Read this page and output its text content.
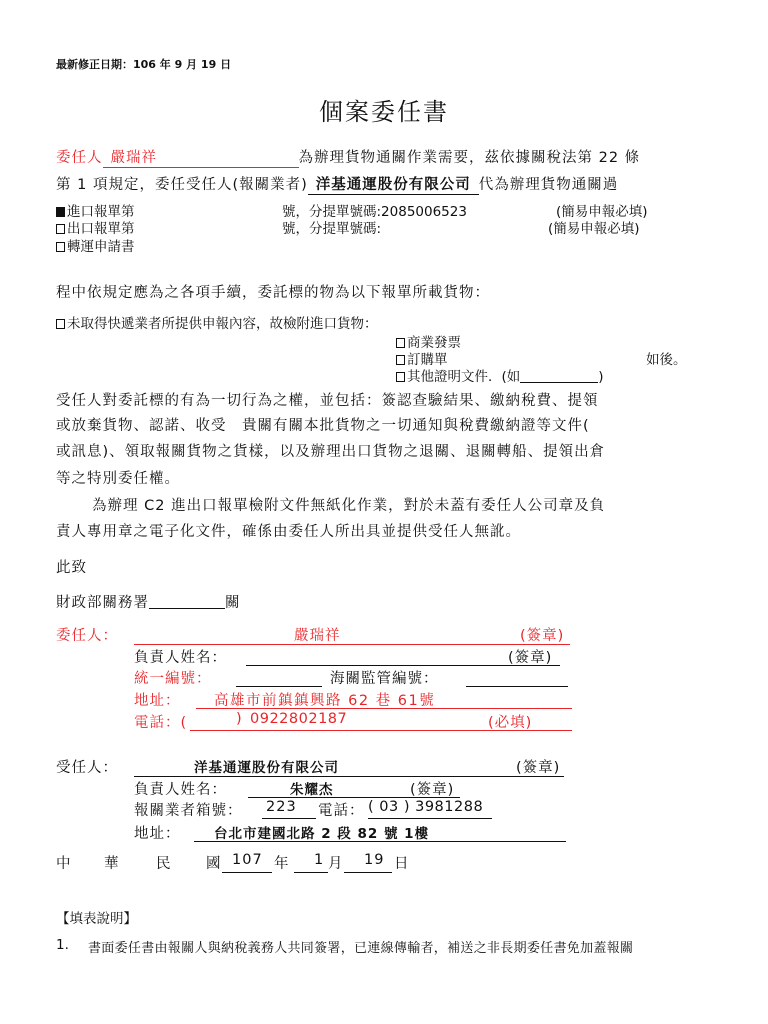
最新修正日期：106 年 9 月 19 日
個案委任書
委任人 嚴瑞祥	為辦理貨物通關作業需要，茲依據關稅法第 22 條
第 1 項規定，委任受任人(報關業者) 洋基通運股份有限公司 代為辦理貨物通關過
進口報單第	號，分提單號碼:2085006523	(簡易申報必填)
出口報單第	號，分提單號碼:	(簡易申報必填)
轉運申請書
程中依規定應為之各項手續，委託標的物為以下報單所載貨物：
未取得快遞業者所提供申報內容，故檢附進口貨物：
商業發票
訂購單	如後。
其他證明文件．(如	)
受任人對委託標的有為一切行為之權，並包括：簽認查驗結果、繳納稅費、提領
或放棄貨物、認諾、收受　貴關有關本批貨物之一切通知與稅費繳納證等文件(
或訊息)、領取報關貨物之貨樣，以及辦理出口貨物之退關、退關轉船、提領出倉
等之特別委任權。
為辦理 C2 進出口報單檢附文件無紙化作業，對於未蓋有委任人公司章及負
責人專用章之電子化文件，確係由委任人所出具並提供受任人無訛。
此致
財政部關務署	關
委任人：	嚴瑞祥	(簽章)
負責人姓名：	(簽章)
統一編號：	海關監管編號：
地址： 高雄市前鎮鎮興路 62 巷 61號
電話：(	) 0922802187	(必填)
受任人：	洋基通運股份有限公司	(簽章)
負責人姓名：	朱耀杰	(簽章)
報關業者箱號： 223 電話： ( 03 ) 3981288
地址： 台北市建國北路 2 段 82 號 1樓
中 華	民 國 107 年 1 月 19 日
【填表說明】
1. 書面委任書由報關人與納稅義務人共同簽署，已連線傳輸者，補送之非長期委任書免加蓋報關
